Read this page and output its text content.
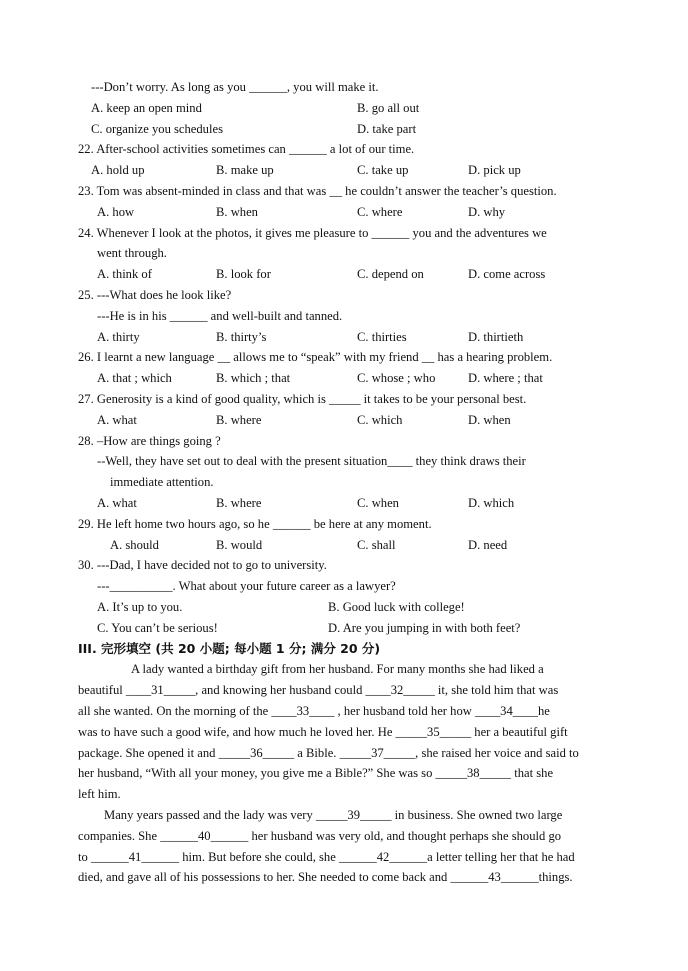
---Don’t worry. As long as you ______, you will make it.
A. keep an open mind	B. go all out
C. organize you schedules	D. take part
22. After-school activities sometimes can ______ a lot of our time.
A. hold up	B. make up	C. take up	D. pick up
23. Tom was absent-minded in class and that was __ he couldn’t answer the teacher’s question.
A. how	B. when	C. where	D. why
24. Whenever I look at the photos, it gives me pleasure to ______ you and the adventures we
went through.
A. think of	B. look for	C. depend on	D. come across
25. ---What does he look like?
---He is in his ______ and well-built and tanned.
A. thirty	B. thirty’s	C. thirties	D. thirtieth
26. I learnt a new language __ allows me to “speak” with my friend __ has a hearing problem.
A. that ; which	B. which ; that	C. whose ; who	D. where ; that
27. Generosity is a kind of good quality, which is _____ it takes to be your personal best.
A. what	B. where	C. which	D. when
28. –How are things going ?
--Well, they have set out to deal with the present situation____ they think draws their
immediate attention.
A. what	B. where	C. when	D. which
29. He left home two hours ago, so he ______ be here at any moment.
A. should	B. would	C. shall	D. need
30. ---Dad, I have decided not to go to university.
---__________. What about your future career as a lawyer?
A. It’s up to you.	B. Good luck with college!
C. You can’t be serious!	D. Are you jumping in with both feet?
III. 完形填空 (共 20 小题; 每小题 1 分; 满分 20 分)
A lady wanted a birthday gift from her husband. For many months she had liked a
beautiful ____31_____, and knowing her husband could ____32_____ it, she told him that was
all she wanted. On the morning of the ____33____ , her husband told her how ____34____he
was to have such a good wife, and how much he loved her. He _____35_____ her a beautiful gift
package. She opened it and _____36_____ a Bible. _____37_____, she raised her voice and said to
her husband, “With all your money, you give me a Bible?” She was so _____38_____ that she
left him.
Many years passed and the lady was very _____39_____ in business. She owned two large
companies. She ______40______ her husband was very old, and thought perhaps she should go
to ______41______ him. But before she could, she ______42______a letter telling her that he had
died, and gave all of his possessions to her. She needed to come back and ______43______things.
